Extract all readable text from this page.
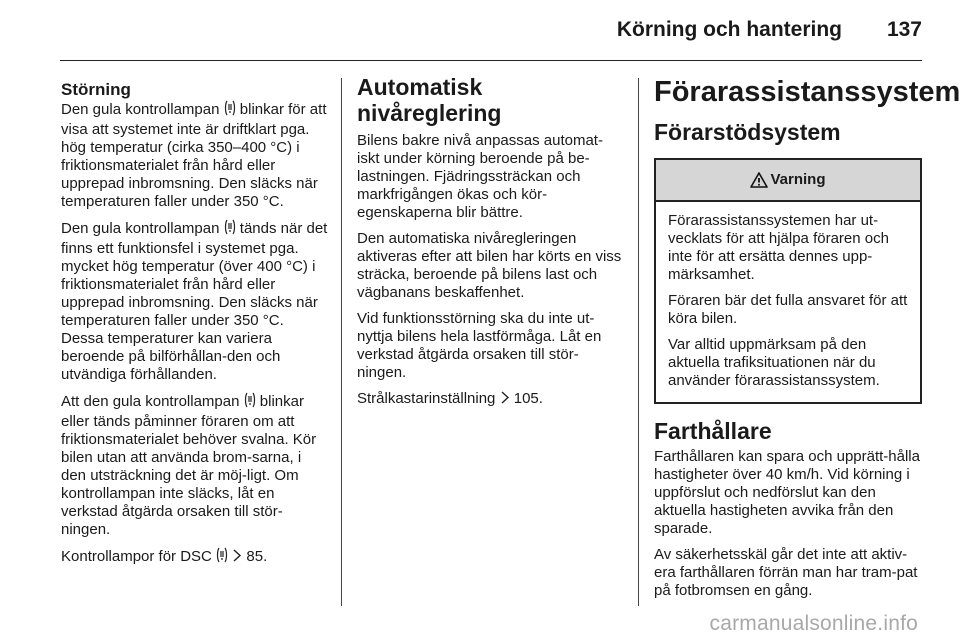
Körning och hantering 137
Störning

Den gula kontrollampan blinkar för att visa att systemet inte är driftklart pga. hög temperatur (cirka 350–400 °C) i friktionsmaterialet från hård eller upprepad inbromsning. Den släcks när temperaturen faller under 350 °C.

Den gula kontrollampan tänds när det finns ett funktionsfel i systemet pga. mycket hög temperatur (över 400 °C) i friktionsmaterialet från hård eller upprepad inbromsning. Den släcks när temperaturen faller under 350 °C. Dessa temperaturer kan variera beroende på bilförhållan-den och utvändiga förhållanden.

Att den gula kontrollampan blinkar eller tänds påminner föraren om att friktionsmaterialet behöver svalna. Kör bilen utan att använda brom-sarna, i den utsträckning det är möj-ligt. Om kontrollampan inte släcks, låt en verkstad åtgärda orsaken till stör-ningen.

Kontrollampor för DSC 85.

Automatisk nivåreglering

Bilens bakre nivå anpassas automat-iskt under körning beroende på be-lastningen. Fjädringssträckan och markfrigången ökas och kör-egenskaperna blir bättre.

Den automatiska nivåregleringen aktiveras efter att bilen har körts en viss sträcka, beroende på bilens last och vägbanans beskaffenhet.

Vid funktionsstörning ska du inte ut-nyttja bilens hela lastförmåga. Låt en verkstad åtgärda orsaken till stör-ningen.

Strålkastarinställning 105.

Förarassistanssystem
Förarstödsystem
Varning

Förarassistanssystemen har ut-vecklats för att hjälpa föraren och inte för att ersätta dennes upp-märksamhet.

Föraren bär det fulla ansvaret för att köra bilen.

Var alltid uppmärksam på den aktuella trafiksituationen när du använder förarassistanssystem.

Farthållare

Farthållaren kan spara och upprätt-hålla hastigheter över 40 km/h. Vid körning i uppförslut och nedförslut kan den aktuella hastigheten avvika från den sparade.

Av säkerhetsskäl går det inte att aktiv-era farthållaren förrän man har tram-pat på fotbromsen en gång.

carmanualsonline.info
